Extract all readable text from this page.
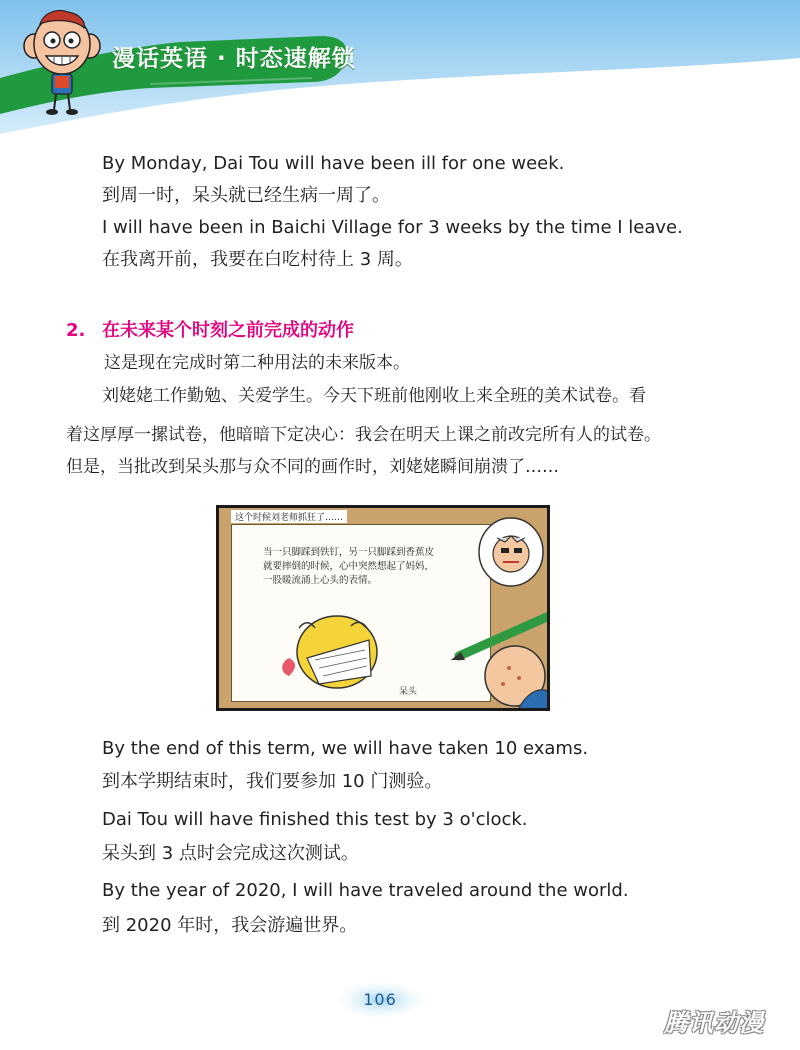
漫话英语 · 时态速解锁
By Monday, Dai Tou will have been ill for one week.
到周一时，呆头就已经生病一周了。
I will have been in Baichi Village for 3 weeks by the time I leave.
在我离开前，我要在白吃村待上 3 周。
2. 在未来某个时刻之前完成的动作
这是现在完成时第二种用法的未来版本。
刘姥姥工作勤勉、关爱学生。今天下班前他刚收上来全班的美术试卷。看
着这厚厚一摞试卷，他暗暗下定决心：我会在明天上课之前改完所有人的试卷。
但是，当批改到呆头那与众不同的画作时，刘姥姥瞬间崩溃了……
这个时候刘老师抓狂了……
当一只脚踩到铁钉，另一只脚踩到香蕉皮就要摔倒的时候，心中突然想起了妈妈，一股暖流涌上心头的表情。
呆头
By the end of this term, we will have taken 10 exams.
到本学期结束时，我们要参加 10 门测验。
Dai Tou will have finished this test by 3 o'clock.
呆头到 3 点时会完成这次测试。
By the year of 2020, I will have traveled around the world.
到 2020 年时，我会游遍世界。
106
腾讯动漫
